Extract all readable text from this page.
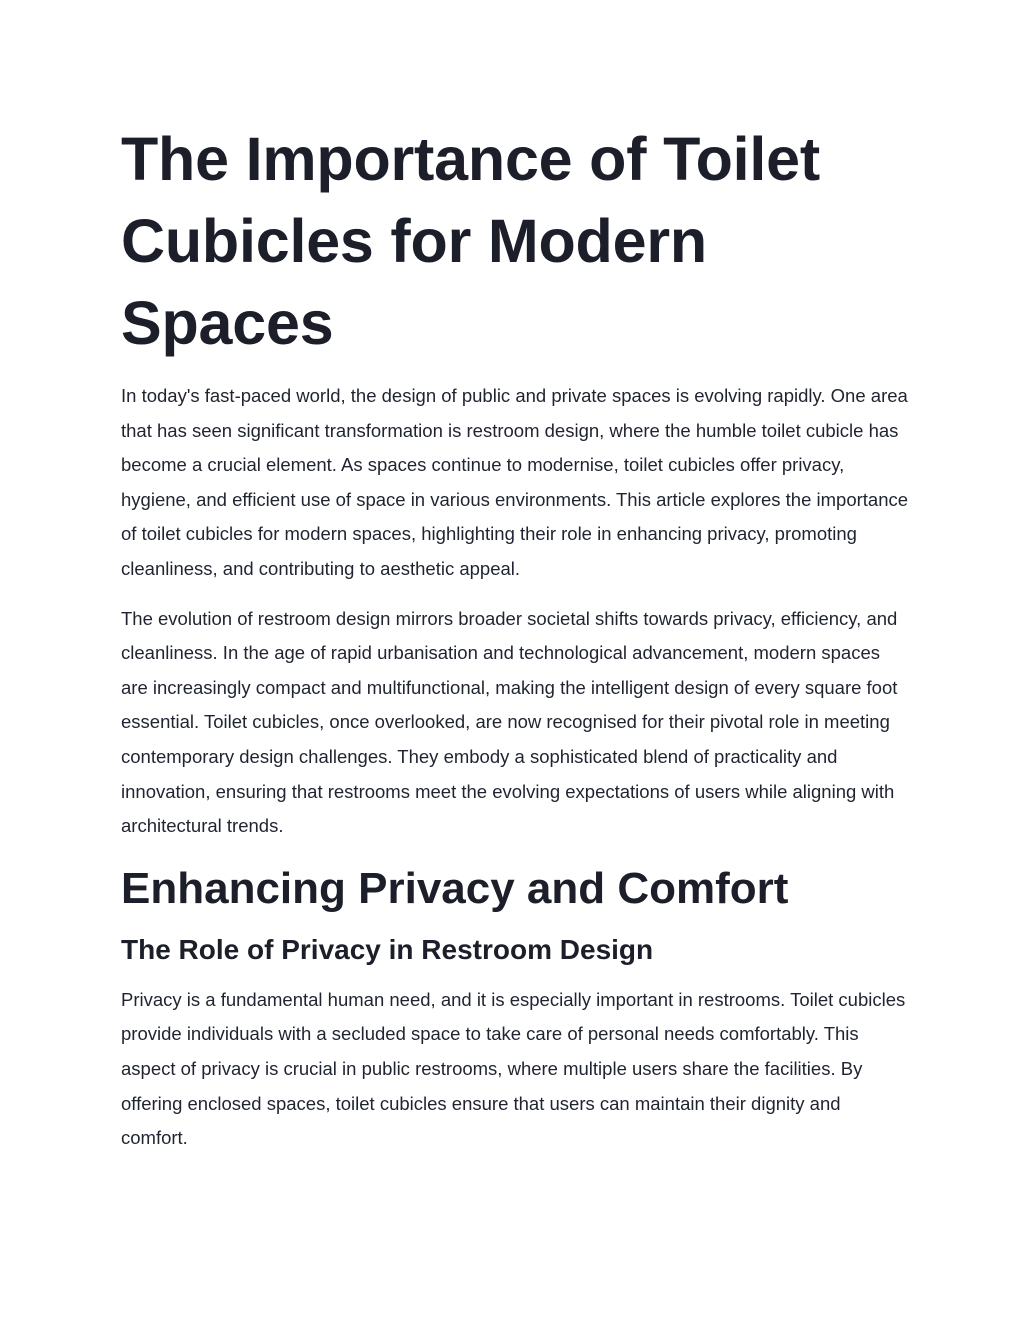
The Importance of Toilet Cubicles for Modern Spaces

In today's fast-paced world, the design of public and private spaces is evolving rapidly. One area that has seen significant transformation is restroom design, where the humble toilet cubicle has become a crucial element. As spaces continue to modernise, toilet cubicles offer privacy, hygiene, and efficient use of space in various environments. This article explores the importance of toilet cubicles for modern spaces, highlighting their role in enhancing privacy, promoting cleanliness, and contributing to aesthetic appeal.

The evolution of restroom design mirrors broader societal shifts towards privacy, efficiency, and cleanliness. In the age of rapid urbanisation and technological advancement, modern spaces are increasingly compact and multifunctional, making the intelligent design of every square foot essential. Toilet cubicles, once overlooked, are now recognised for their pivotal role in meeting contemporary design challenges. They embody a sophisticated blend of practicality and innovation, ensuring that restrooms meet the evolving expectations of users while aligning with architectural trends.

Enhancing Privacy and Comfort
The Role of Privacy in Restroom Design

Privacy is a fundamental human need, and it is especially important in restrooms. Toilet cubicles provide individuals with a secluded space to take care of personal needs comfortably. This aspect of privacy is crucial in public restrooms, where multiple users share the facilities. By offering enclosed spaces, toilet cubicles ensure that users can maintain their dignity and comfort.
